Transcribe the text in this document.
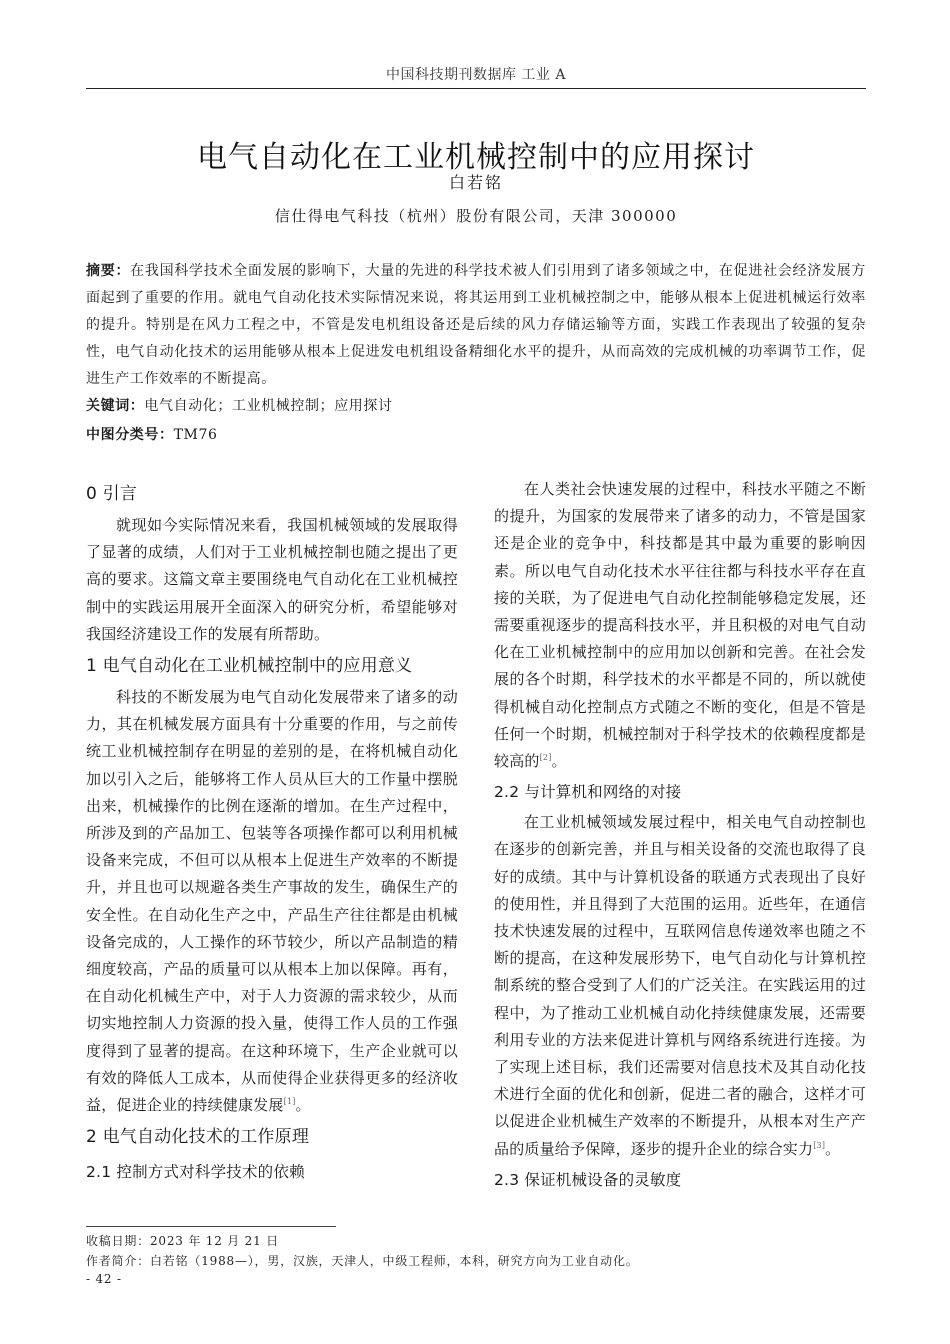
中国科技期刊数据库 工业 A
电气自动化在工业机械控制中的应用探讨
白若铭
信仕得电气科技（杭州）股份有限公司，天津 300000
摘要：在我国科学技术全面发展的影响下，大量的先进的科学技术被人们引用到了诸多领域之中，在促进社会经济发展方面起到了重要的作用。就电气自动化技术实际情况来说，将其运用到工业机械控制之中，能够从根本上促进机械运行效率的提升。特别是在风力工程之中，不管是发电机组设备还是后续的风力存储运输等方面，实践工作表现出了较强的复杂性，电气自动化技术的运用能够从根本上促进发电机组设备精细化水平的提升，从而高效的完成机械的功率调节工作，促进生产工作效率的不断提高。
关键词：电气自动化；工业机械控制；应用探讨
中图分类号：TM76
0 引言

就现如今实际情况来看，我国机械领域的发展取得了显著的成绩，人们对于工业机械控制也随之提出了更高的要求。这篇文章主要围绕电气自动化在工业机械控制中的实践运用展开全面深入的研究分析，希望能够对我国经济建设工作的发展有所帮助。

1 电气自动化在工业机械控制中的应用意义

科技的不断发展为电气自动化发展带来了诸多的动力，其在机械发展方面具有十分重要的作用，与之前传统工业机械控制存在明显的差别的是，在将机械自动化加以引入之后，能够将工作人员从巨大的工作量中摆脱出来，机械操作的比例在逐渐的增加。在生产过程中，所涉及到的产品加工、包装等各项操作都可以利用机械设备来完成，不但可以从根本上促进生产效率的不断提升，并且也可以规避各类生产事故的发生，确保生产的安全性。在自动化生产之中，产品生产往往都是由机械设备完成的，人工操作的环节较少，所以产品制造的精细度较高，产品的质量可以从根本上加以保障。再有，在自动化机械生产中，对于人力资源的需求较少，从而切实地控制人力资源的投入量，使得工作人员的工作强度得到了显著的提高。在这种环境下，生产企业就可以有效的降低人工成本，从而使得企业获得更多的经济收益，促进企业的持续健康发展[1]。

2 电气自动化技术的工作原理
2.1 控制方式对科学技术的依赖

在人类社会快速发展的过程中，科技水平随之不断的提升，为国家的发展带来了诸多的动力，不管是国家还是企业的竞争中，科技都是其中最为重要的影响因素。所以电气自动化技术水平往往都与科技水平存在直接的关联，为了促进电气自动化控制能够稳定发展，还需要重视逐步的提高科技水平，并且积极的对电气自动化在工业机械控制中的应用加以创新和完善。在社会发展的各个时期，科学技术的水平都是不同的，所以就使得机械自动化控制点方式随之不断的变化，但是不管是任何一个时期，机械控制对于科学技术的依赖程度都是较高的[2]。

2.2 与计算机和网络的对接

在工业机械领域发展过程中，相关电气自动控制也在逐步的创新完善，并且与相关设备的交流也取得了良好的成绩。其中与计算机设备的联通方式表现出了良好的使用性，并且得到了大范围的运用。近些年，在通信技术快速发展的过程中，互联网信息传递效率也随之不断的提高，在这种发展形势下，电气自动化与计算机控制系统的整合受到了人们的广泛关注。在实践运用的过程中，为了推动工业机械自动化持续健康发展，还需要利用专业的方法来促进计算机与网络系统进行连接。为了实现上述目标，我们还需要对信息技术及其自动化技术进行全面的优化和创新，促进二者的融合，这样才可以促进企业机械生产效率的不断提升，从根本对生产产品的质量给予保障，逐步的提升企业的综合实力[3]。

2.3 保证机械设备的灵敏度
收稿日期：2023 年 12 月 21 日
作者简介：白若铭（1988—），男，汉族，天津人，中级工程师，本科，研究方向为工业自动化。
- 42 -
